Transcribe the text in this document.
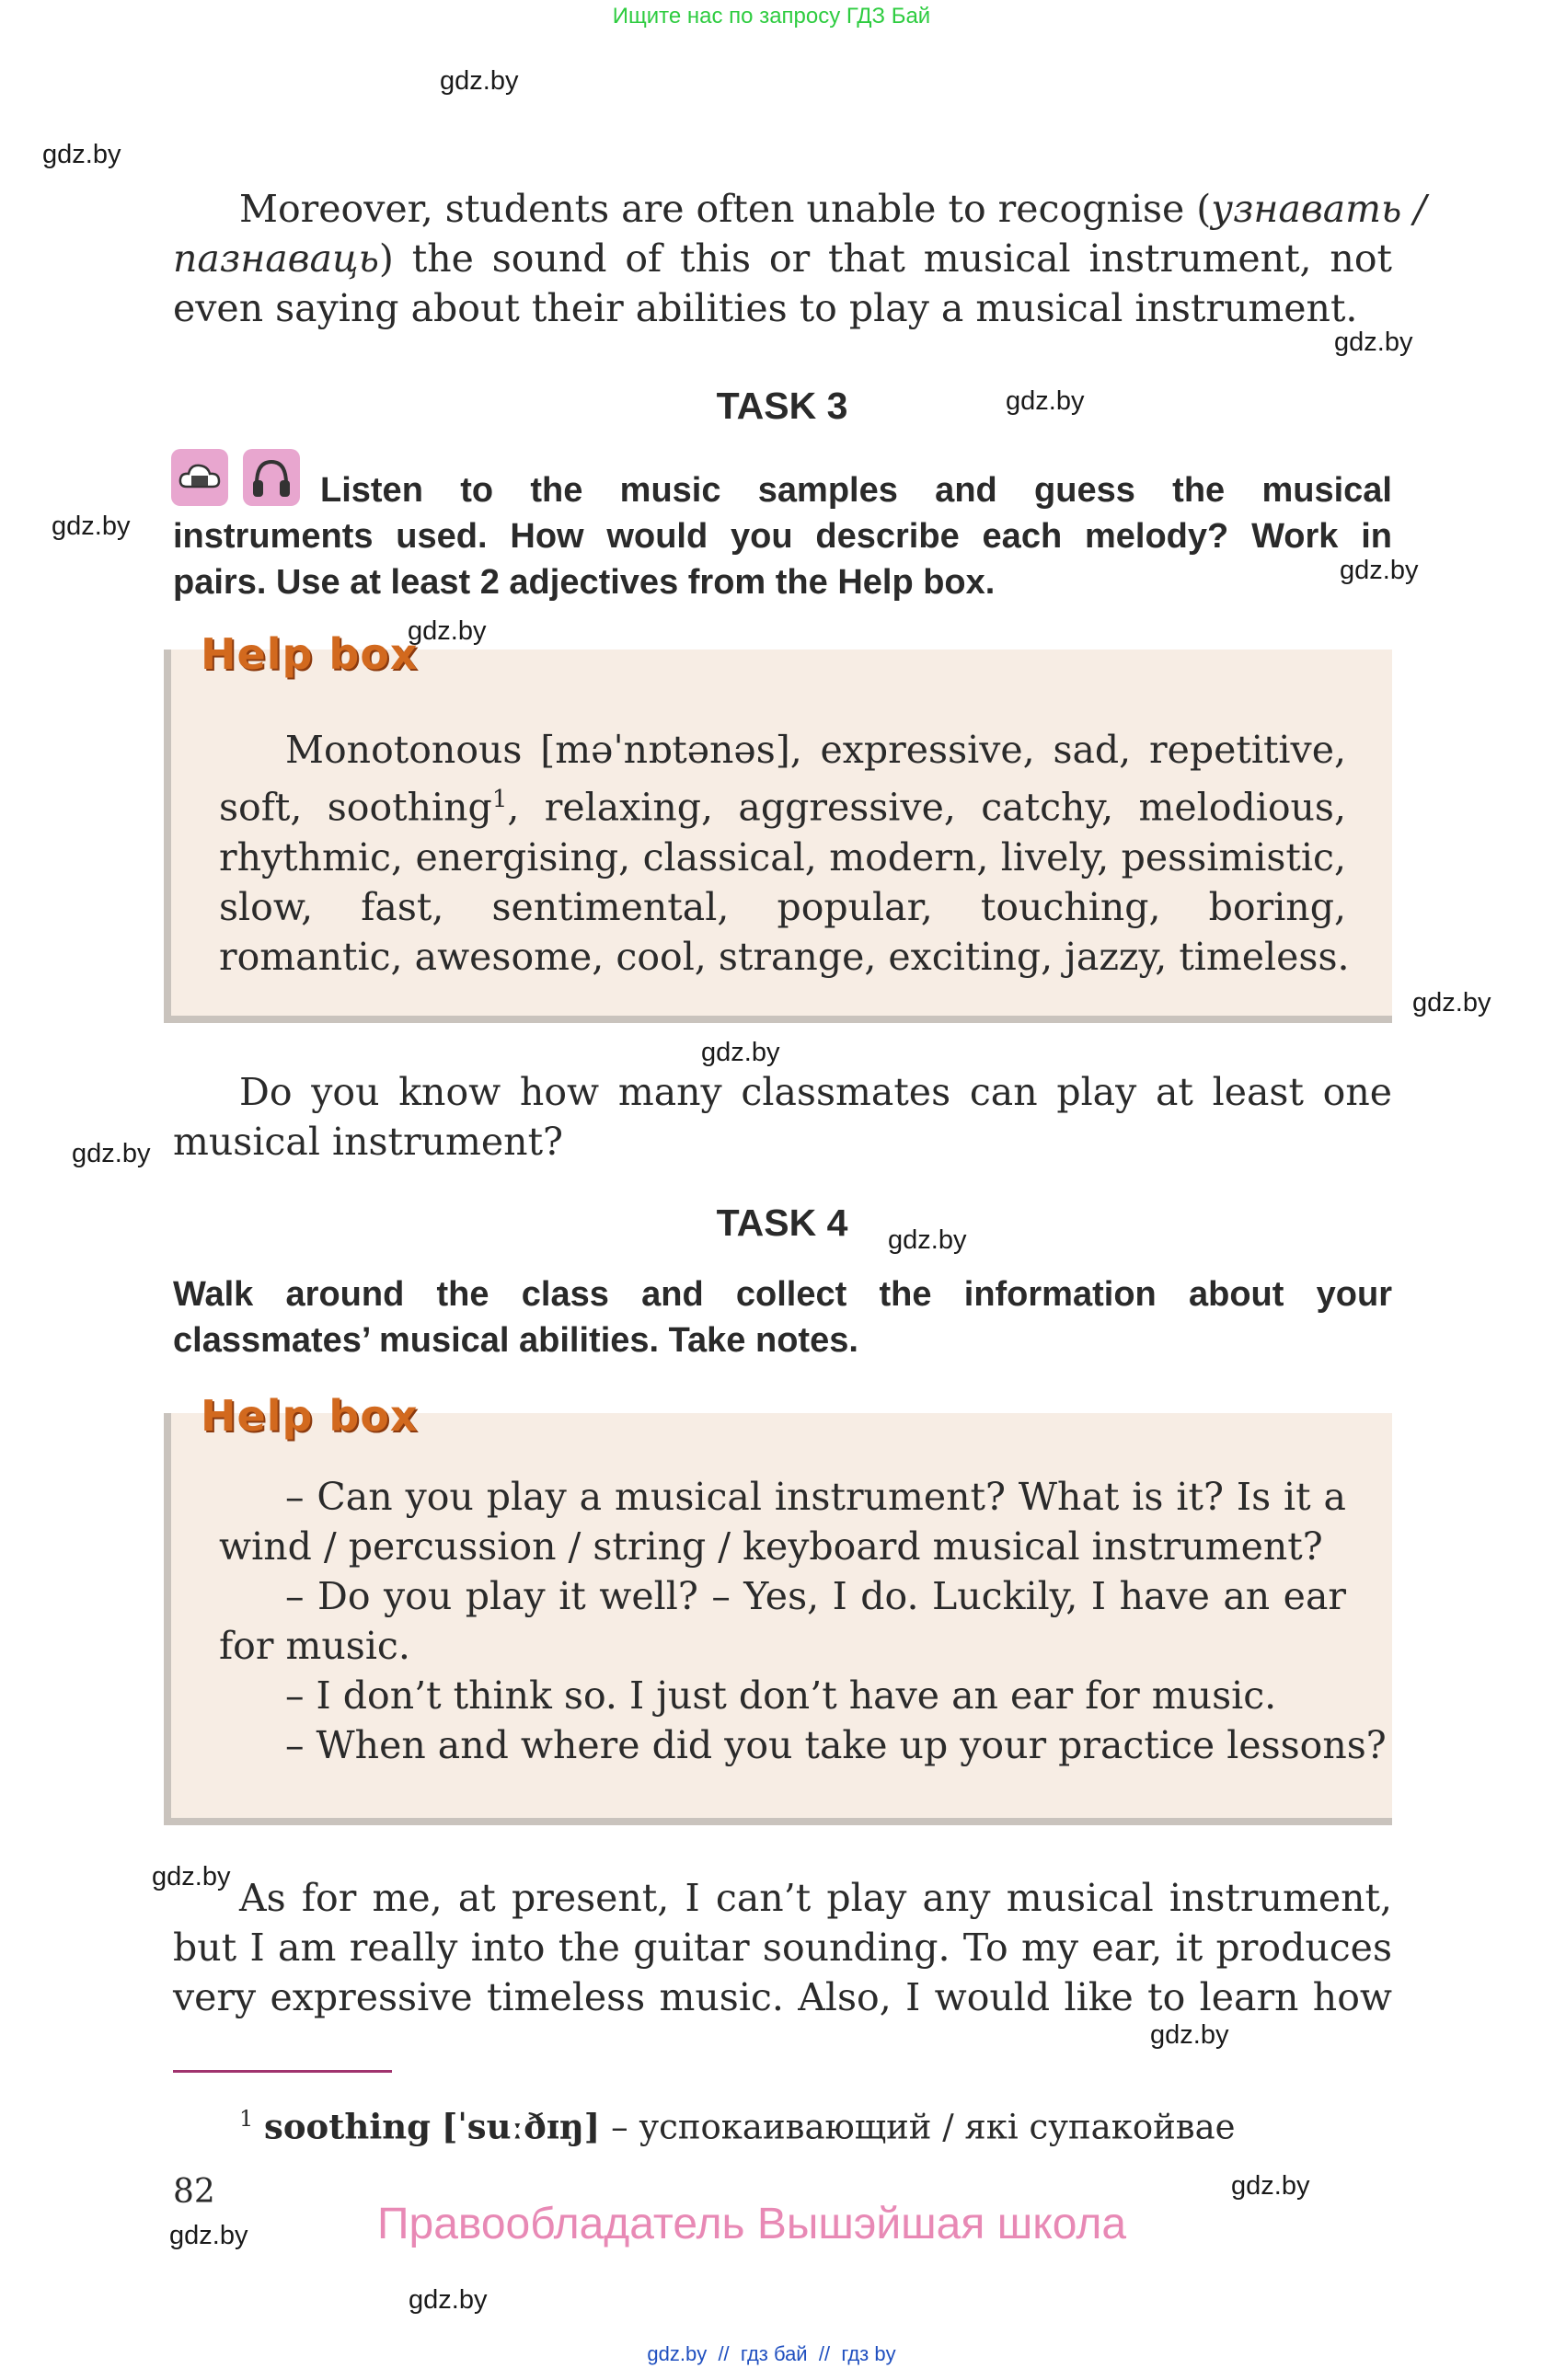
Ищите нас по запросу ГДЗ Бай
gdz.by
gdz.by
gdz.by
gdz.by
gdz.by
gdz.by
gdz.by
gdz.by
gdz.by
gdz.by
gdz.by
gdz.by
gdz.by
gdz.by
gdz.by
gdz.by
Moreover, students are often unable to recognise (узнавать /
пазнаваць) the sound of this or that musical instrument, not
even saying about their abilities to play a musical instrument.
TASK 3
Listen to the music samples and guess the musical
instruments used. How would you describe each melody? Work in
pairs. Use at least 2 adjectives from the Help box.
Help box
Monotonous [məˈnɒtənəs], expressive, sad, repetitive,
soft, soothing$^1$, relaxing, aggressive, catchy, melodious,
rhythmic, energising, classical, modern, lively, pessimistic,
slow, fast, sentimental, popular, touching, boring,
romantic, awesome, cool, strange, exciting, jazzy, timeless.
Do you know how many classmates can play at least one
musical instrument?
TASK 4
Walk around the class and collect the information about your
classmates’ musical abilities. Take notes.
Help box
– Can you play a musical instrument? What is it? Is it a
wind / percussion / string / keyboard musical instrument?
– Do you play it well? – Yes, I do. Luckily, I have an ear
for music.
– I don’t think so. I just don’t have an ear for music.
– When and where did you take up your practice lessons?
As for me, at present, I can’t play any musical instrument,
but I am really into the guitar sounding. To my ear, it produces
very expressive timeless music. Also, I would like to learn how
$^1$ soothing [ˈsuːðɪŋ] – успокаивающий / які супакойвае
82
Правообладатель Вышэйшая школа
gdz.by // гдз бай // гдз by
